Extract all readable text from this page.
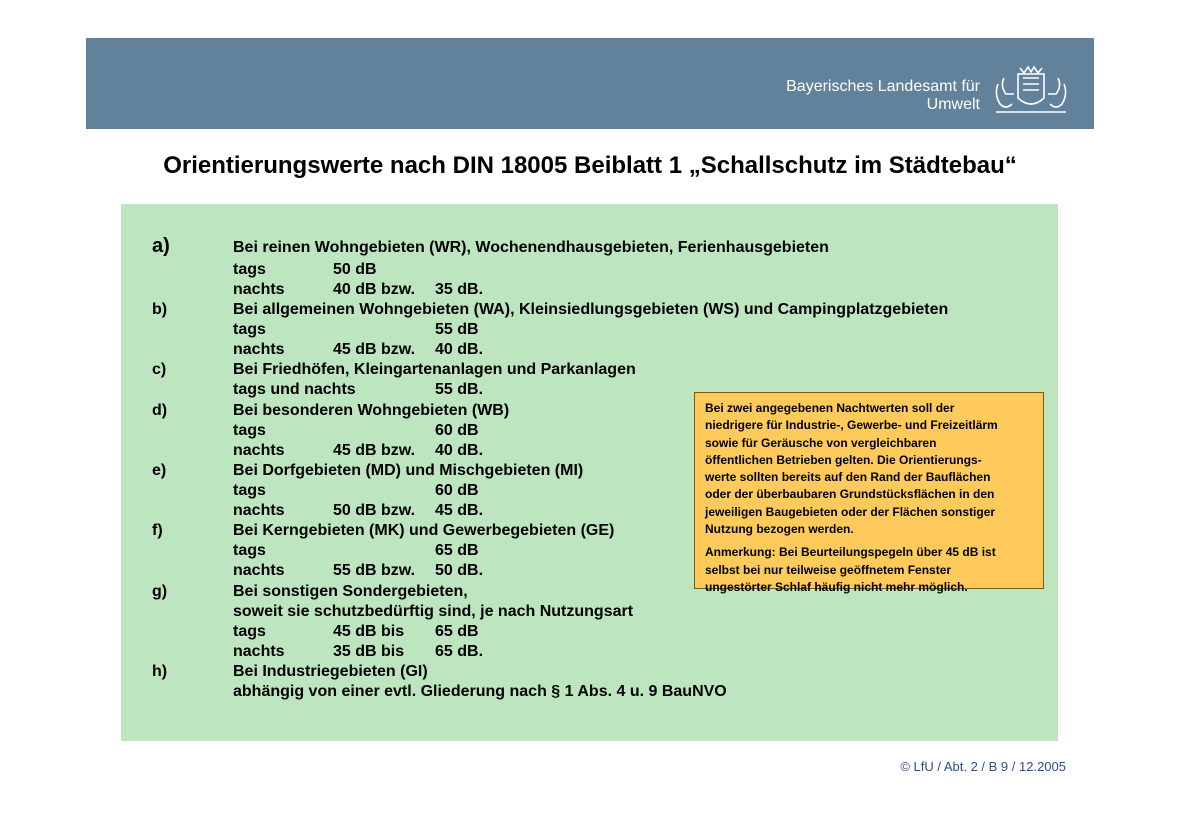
Bayerisches Landesamt für
Umwelt
Orientierungswerte nach DIN 18005 Beiblatt 1 „Schallschutz im Städtebau“
a)	Bei reinen Wohngebieten (WR), Wochenendhausgebieten, Ferienhausgebieten
tags	50 dB
nachts	40 dB bzw. 35 dB.
b)	Bei allgemeinen Wohngebieten (WA), Kleinsiedlungsgebieten (WS) und Campingplatzgebieten
tags	55 dB
nachts	45 dB bzw. 40 dB.
c)	Bei Friedhöfen, Kleingartenanlagen und Parkanlagen
tags und nachts	55 dB.
d)	Bei besonderen Wohngebieten (WB)
tags	60 dB
nachts	45 dB bzw. 40 dB.
e)	Bei Dorfgebieten (MD) und Mischgebieten (MI)
tags	60 dB
nachts	50 dB bzw. 45 dB.
f)	Bei Kerngebieten (MK) und Gewerbegebieten (GE)
tags	65 dB
nachts	55 dB bzw. 50 dB.
g)	Bei sonstigen Sondergebieten,
soweit sie schutzbedürftig sind, je nach Nutzungsart
tags	45 dB bis 65 dB
nachts	35 dB bis 65 dB.
h)	Bei Industriegebieten (GI)
abhängig von einer evtl. Gliederung nach § 1 Abs. 4 u. 9 BauNVO

Bei zwei angegebenen Nachtwerten soll der
niedrigere für Industrie-, Gewerbe- und Freizeitlärm
sowie für Geräusche von vergleichbaren
öffentlichen Betrieben gelten. Die Orientierungs-
werte sollten bereits auf den Rand der Bauflächen
oder der überbaubaren Grundstücksflächen in den
jeweiligen Baugebieten oder der Flächen sonstiger
Nutzung bezogen werden.

Anmerkung: Bei Beurteilungspegeln über 45 dB ist
selbst bei nur teilweise geöffnetem Fenster
ungestörter Schlaf häufig nicht mehr möglich.

© LfU / Abt. 2 / B 9 / 12.2005
